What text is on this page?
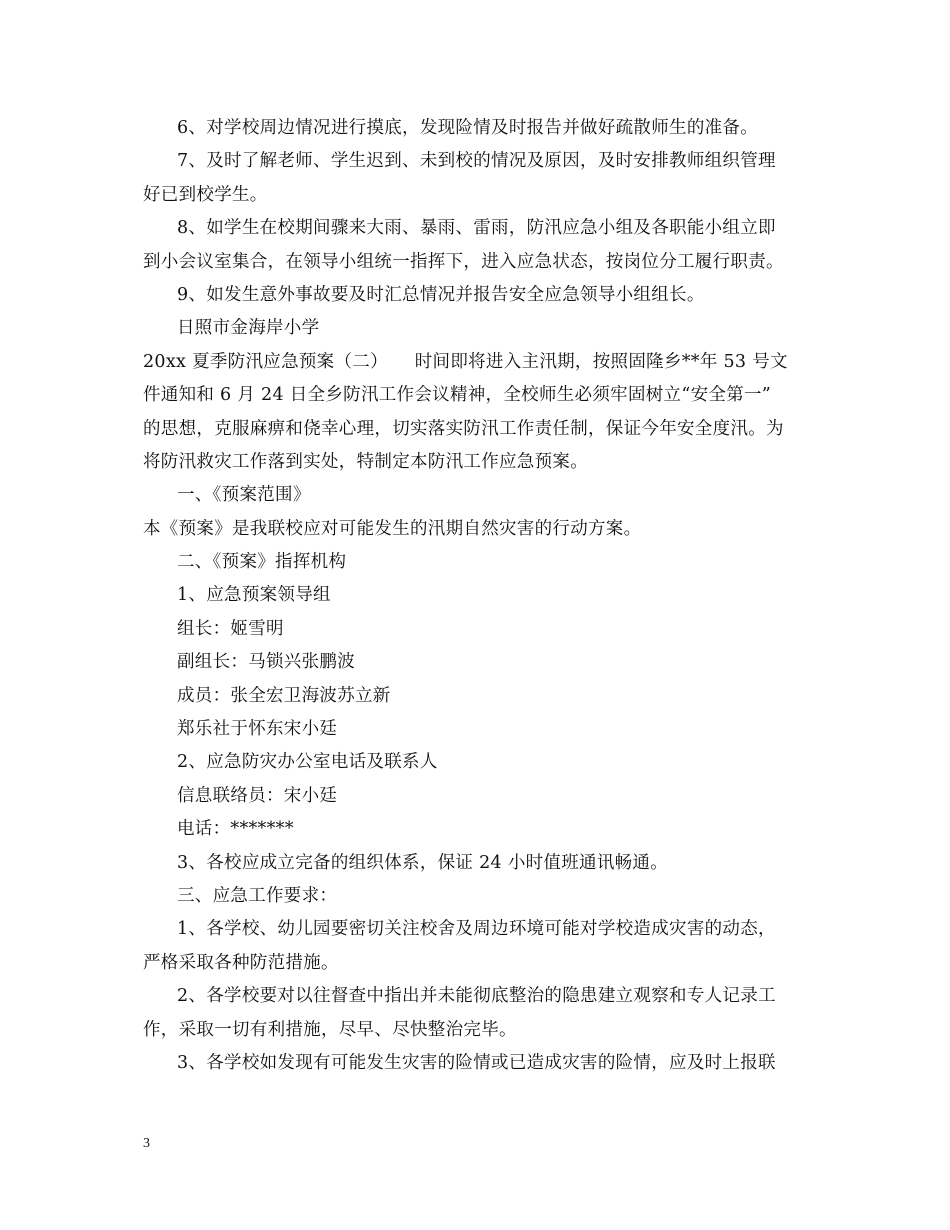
6、对学校周边情况进行摸底，发现险情及时报告并做好疏散师生的准备。
7、及时了解老师、学生迟到、未到校的情况及原因，及时安排教师组织管理
好已到校学生。
8、如学生在校期间骤来大雨、暴雨、雷雨，防汛应急小组及各职能小组立即
到小会议室集合，在领导小组统一指挥下，进入应急状态，按岗位分工履行职责。
9、如发生意外事故要及时汇总情况并报告安全应急领导小组组长。
日照市金海岸小学
20xx 夏季防汛应急预案（二）　　时间即将进入主汛期，按照固隆乡**年 53 号文
件通知和 6 月 24 日全乡防汛工作会议精神，全校师生必须牢固树立“安全第一”
的思想，克服麻痹和侥幸心理，切实落实防汛工作责任制，保证今年安全度汛。为
将防汛救灾工作落到实处，特制定本防汛工作应急预案。
一、《预案范围》
本《预案》是我联校应对可能发生的汛期自然灾害的行动方案。
二、《预案》指挥机构
1、应急预案领导组
组长：姬雪明
副组长：马锁兴张鹏波
成员：张全宏卫海波苏立新
郑乐社于怀东宋小廷
2、应急防灾办公室电话及联系人
信息联络员：宋小廷
电话：*******
3、各校应成立完备的组织体系，保证 24 小时值班通讯畅通。
三、应急工作要求：
1、各学校、幼儿园要密切关注校舍及周边环境可能对学校造成灾害的动态，
严格采取各种防范措施。
2、各学校要对以往督查中指出并未能彻底整治的隐患建立观察和专人记录工
作，采取一切有利措施，尽早、尽快整治完毕。
3、各学校如发现有可能发生灾害的险情或已造成灾害的险情，应及时上报联
3
